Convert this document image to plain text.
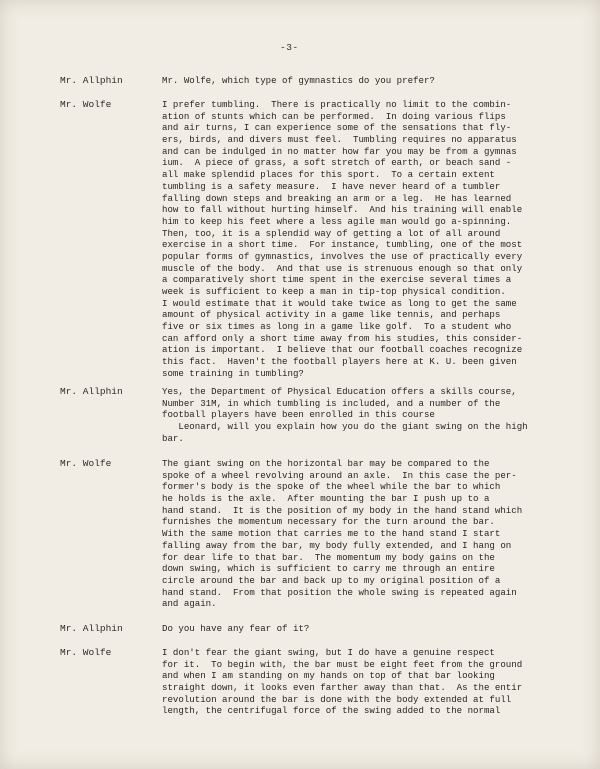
-3-
Mr. Allphin	Mr. Wolfe, which type of gymnastics do you prefer?
Mr. Wolfe	I prefer tumbling.  There is practically no limit to the combin-
ation of stunts which can be performed.  In doing various flips
and air turns, I can experience some of the sensations that fly-
ers, birds, and divers must feel.  Tumbling requires no apparatus
and can be indulged in no matter how far you may be from a gymnas
ium.  A piece of grass, a soft stretch of earth, or beach sand -
all make splendid places for this sport.  To a certain extent
tumbling is a safety measure.  I have never heard of a tumbler
falling down steps and breaking an arm or a leg.  He has learned
how to fall without hurting himself.  And his training will enable
him to keep his feet where a less agile man would go a-spinning.
Then, too, it is a splendid way of getting a lot of all around
exercise in a short time.  For instance, tumbling, one of the most
popular forms of gymnastics, involves the use of practically every
muscle of the body.  And that use is strenuous enough so that only
a comparatively short time spent in the exercise several times a
week is sufficient to keep a man in tip-top physical condition.
I would estimate that it would take twice as long to get the same
amount of physical activity in a game like tennis, and perhaps
five or six times as long in a game like golf.  To a student who
can afford only a short time away from his studies, this consider-
ation is important.  I believe that our football coaches recognize
this fact.  Haven't the football players here at K. U. been given
some training in tumbling?
Mr. Allphin	Yes, the Department of Physical Education offers a skills course,
Number 31M, in which tumbling is included, and a number of the
football players have been enrolled in this course
Leonard, will you explain how you do the giant swing on the high
bar.
Mr. Wolfe	The giant swing on the horizontal bar may be compared to the
spoke of a wheel revolving around an axle.  In this case the per-
former's body is the spoke of the wheel while the bar to which
he holds is the axle.  After mounting the bar I push up to a
hand stand.  It is the position of my body in the hand stand which
furnishes the momentum necessary for the turn around the bar.
With the same motion that carries me to the hand stand I start
falling away from the bar, my body fully extended, and I hang on
for dear life to that bar.  The momentum my body gains on the
down swing, which is sufficient to carry me through an entire
circle around the bar and back up to my original position of a
hand stand.  From that position the whole swing is repeated again
and again.
Mr. Allphin	Do you have any fear of it?
Mr. Wolfe	I don't fear the giant swing, but I do have a genuine respect
for it.  To begin with, the bar must be eight feet from the ground
and when I am standing on my hands on top of that bar looking
straight down, it looks even farther away than that.  As the entir
revolution around the bar is done with the body extended at full
length, the centrifugal force of the swing added to the normal
